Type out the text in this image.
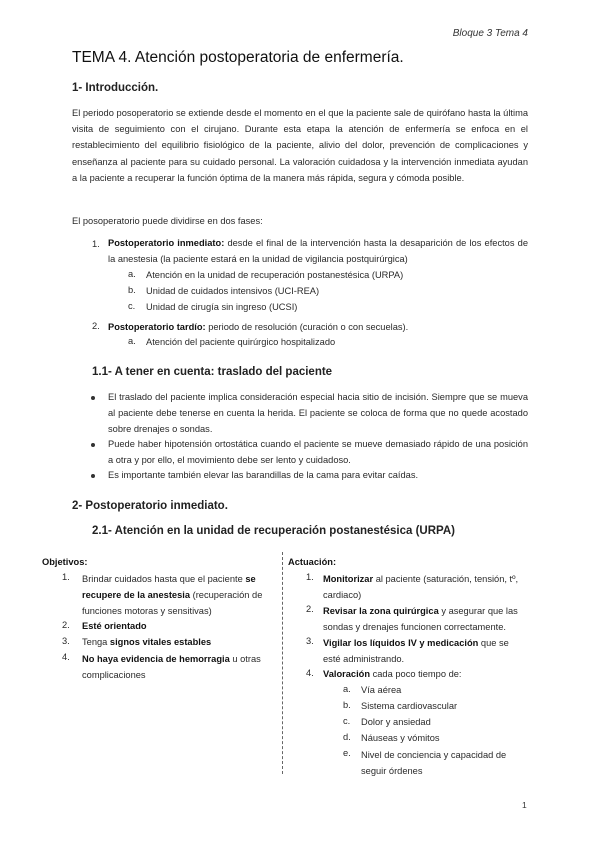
Bloque 3 Tema 4
TEMA 4. Atención postoperatoria de enfermería.
1- Introducción.
El periodo posoperatorio se extiende desde el momento en el que la paciente sale de quirófano hasta la última visita de seguimiento con el cirujano. Durante esta etapa la atención de enfermería se enfoca en el restablecimiento del equilibrio fisiológico de la paciente, alivio del dolor, prevención de complicaciones y enseñanza al paciente para su cuidado personal. La valoración cuidadosa y la intervención inmediata ayudan a la paciente a recuperar la función óptima de la manera más rápida, segura y cómoda posible.
El posoperatorio puede dividirse en dos fases:
1. Postoperatorio inmediato: desde el final de la intervención hasta la desaparición de los efectos de la anestesia (la paciente estará en la unidad de vigilancia postquirúrgica)
a. Atención en la unidad de recuperación postanestésica (URPA)
b. Unidad de cuidados intensivos (UCI-REA)
c. Unidad de cirugía sin ingreso (UCSI)
2. Postoperatorio tardío: periodo de resolución (curación o con secuelas).
a. Atención del paciente quirúrgico hospitalizado
1.1- A tener en cuenta: traslado del paciente
El traslado del paciente implica consideración especial hacia sitio de incisión. Siempre que se mueva al paciente debe tenerse en cuenta la herida. El paciente se coloca de forma que no quede acostado sobre drenajes o sondas.
Puede haber hipotensión ortostática cuando el paciente se mueve demasiado rápido de una posición a otra y por ello, el movimiento debe ser lento y cuidadoso.
Es importante también elevar las barandillas de la cama para evitar caídas.
2- Postoperatorio inmediato.
2.1- Atención en la unidad de recuperación postanestésica (URPA)
Objetivos:
1. Brindar cuidados hasta que el paciente se recupere de la anestesia (recuperación de funciones motoras y sensitivas)
2. Esté orientado
3. Tenga signos vitales estables
4. No haya evidencia de hemorragia u otras complicaciones
Actuación:
1. Monitorizar al paciente (saturación, tensión, tº, cardiaco)
2. Revisar la zona quirúrgica y asegurar que las sondas y drenajes funcionen correctamente.
3. Vigilar los líquidos IV y medicación que se esté administrando.
4. Valoración cada poco tiempo de:
a. Vía aérea
b. Sistema cardiovascular
c. Dolor y ansiedad
d. Náuseas y vómitos
e. Nivel de conciencia y capacidad de seguir órdenes
1
